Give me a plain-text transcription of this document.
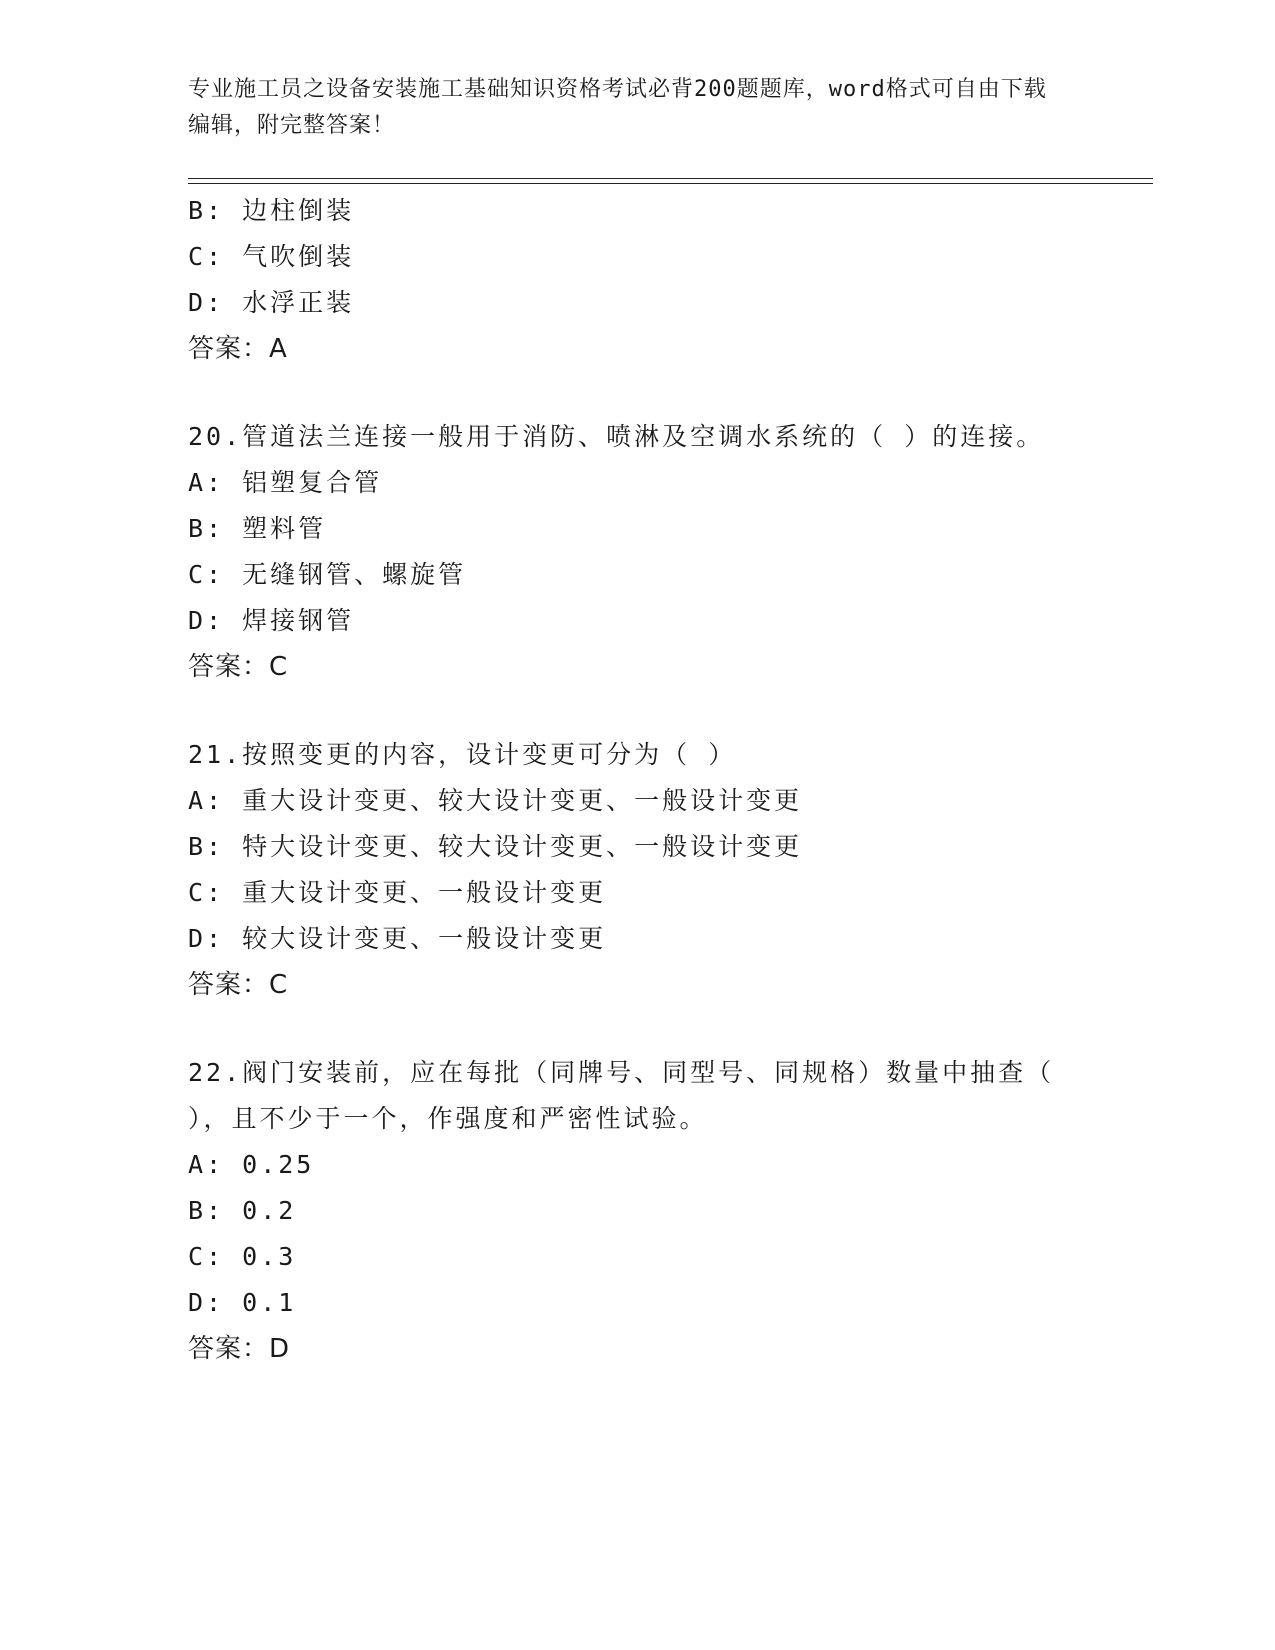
专业施工员之设备安装施工基础知识资格考试必背200题题库，word格式可自由下载编辑，附完整答案！
B: 边柱倒装
C: 气吹倒装
D: 水浮正装
答案：A
20.管道法兰连接一般用于消防、喷淋及空调水系统的（ ）的连接。
A: 铝塑复合管
B: 塑料管
C: 无缝钢管、螺旋管
D: 焊接钢管
答案：C
21.按照变更的内容，设计变更可分为（ ）
A: 重大设计变更、较大设计变更、一般设计变更
B: 特大设计变更、较大设计变更、一般设计变更
C: 重大设计变更、一般设计变更
D: 较大设计变更、一般设计变更
答案：C
22.阀门安装前，应在每批（同牌号、同型号、同规格）数量中抽查（ ），且不少于一个，作强度和严密性试验。
A: 0.25
B: 0.2
C: 0.3
D: 0.1
答案：D
